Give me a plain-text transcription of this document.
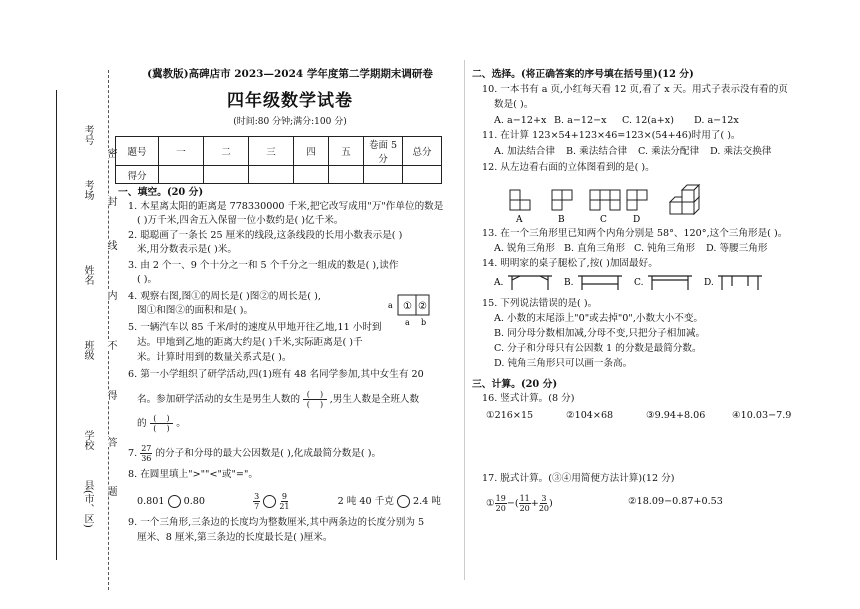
考号
考场
姓名
班级
学校
县(市、区)
密
封
线
内
不
得
答
题
(冀教版)高碑店市 2023—2024 学年度第二学期期末调研卷
四年级数学试卷
(时间:80 分钟;满分:100 分)
题号	一	二	三	四	五	卷面 5 分	总分
得分							
一、填空。(20 分)
1. 木星离太阳的距离是 778330000 千米,把它改写成用"万"作单位的数是
( )万千米,四舍五入保留一位小数约是( )亿千米。
2. 聪聪画了一条长 25 厘米的线段,这条线段的长用小数表示是( )
米,用分数表示是( )米。
3. 由 2 个一、9 个十分之一和 5 个千分之一组成的数是( ),读作
( )。
4. 观察右图,图①的周长是( )图②的周长是( ),
图①和图②的面积和是( )。	a ① ②
a b
5. 一辆汽车以 85 千米/时的速度从甲地开往乙地,11 小时到
达。甲地到乙地的距离大约是( )千米,实际距离是( )千
米。计算时用到的数量关系式是( )。
6. 第一小学组织了研学活动,四(1)班有 48 名同学参加,其中女生有 20
名。参加研学活动的女生是男生人数的 $\frac{( )}{( )}$ ,男生人数是全班人数
的 $\frac{( )}{( )}$ 。
7. $\frac{27}{36}$ 的分子和分母的最大公因数是( ),化成最简分数是( )。
8. 在圆里填上">""<"或"="。
0.801 0.80	$\frac{3}{7}$
$\frac{9}{21}$	2 吨 40 千克 2.4 吨
9. 一个三角形,三条边的长度均为整数厘米,其中两条边的长度分别为 5
厘米、8 厘米,第三条边的长度最长是( )厘米。
二、选择。(将正确答案的序号填在括号里)(12 分)
10. 一本书有 a 页,小红每天看 12 页,看了 x 天。用式子表示没有看的页
数是( )。
A. a−12+x B. a−12−x C. 12(a+x) D. a−12x
11. 在计算 123×54+123×46=123×(54+46)时用了( )。
A. 加法结合律 B. 乘法结合律 C. 乘法分配律 D. 乘法交换律
12. 从左边看右面的立体图看到的是( )。
A	B	C	D
13. 在一个三角形里已知两个内角分别是 58°、120°,这个三角形是( )。
A. 锐角三角形 B. 直角三角形 C. 钝角三角形 D. 等腰三角形
14. 明明家的桌子腿松了,按( )加固最好。
A.	B.	C.	D.
15. 下列说法错误的是( )。
A. 小数的末尾添上"0"或去掉"0",小数大小不变。
B. 同分母分数相加减,分母不变,只把分子相加减。
C. 分子和分母只有公因数 1 的分数是最简分数。
D. 钝角三角形只可以画一条高。
三、计算。(20 分)
16. 竖式计算。(8 分)
①216×15	②104×68	③9.94+8.06	④10.03−7.9
17. 脱式计算。(③④用简便方法计算)(12 分)
① $\frac{19}{20}$ −( $\frac{11}{20} + \frac{3}{20}$ )	②18.09−0.87+0.53
